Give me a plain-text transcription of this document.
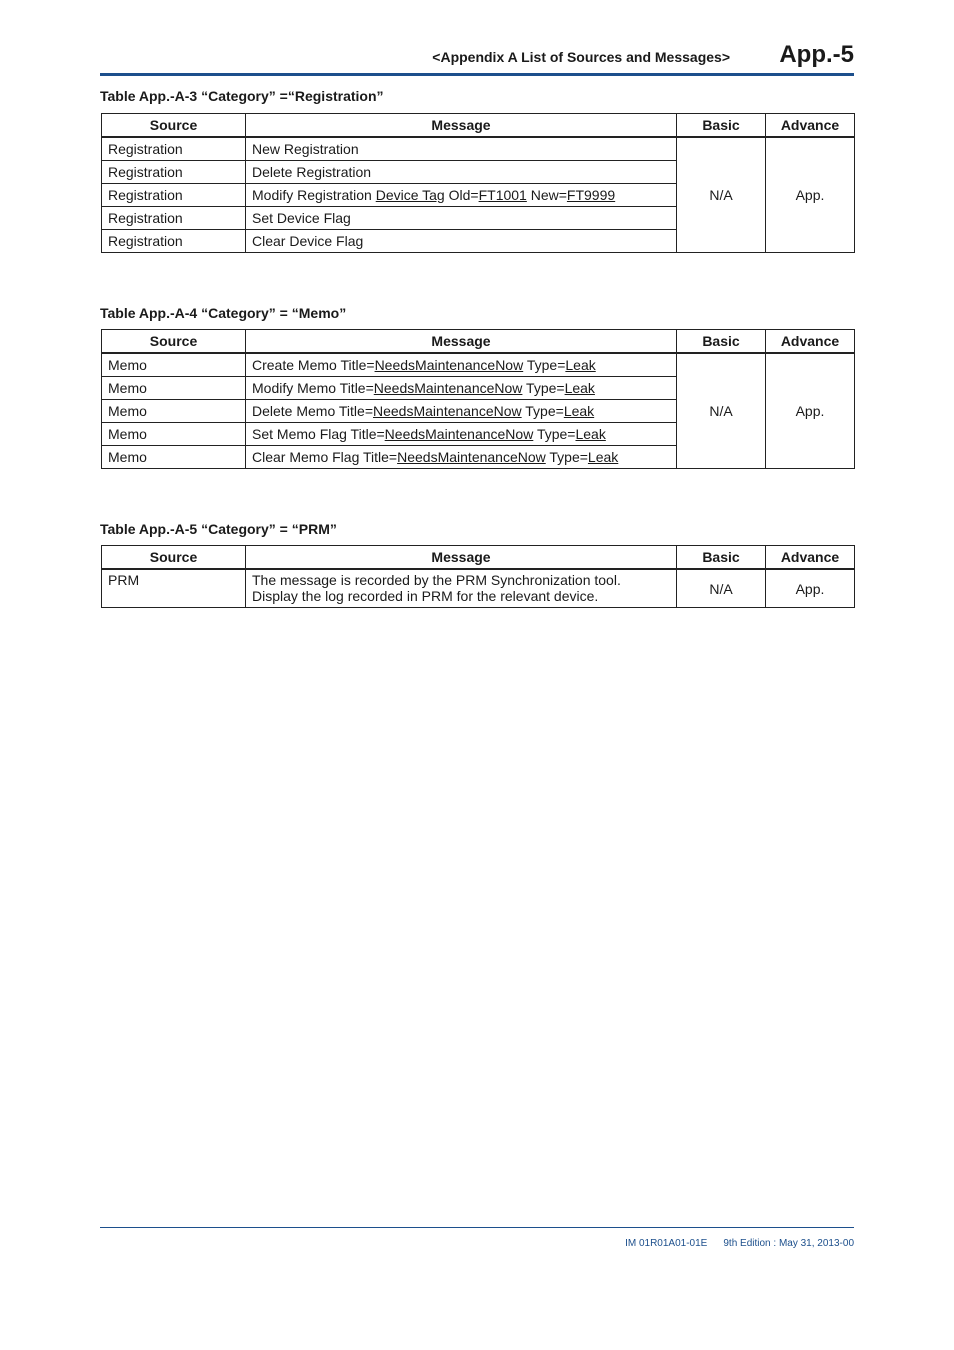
<Appendix A List of Sources and Messages> App.-5
Table App.-A-3 “Category” =“Registration”
Source	Message	Basic	Advance
Registration	New Registration	N/A	App.
Registration	Delete Registration		
Registration	Modify Registration Device Tag Old=FT1001 New=FT9999		
Registration	Set Device Flag		
Registration	Clear Device Flag		
Table App.-A-4 “Category” = “Memo”
Source	Message	Basic	Advance
Memo	Create Memo Title=NeedsMaintenanceNow Type=Leak	N/A	App.
Memo	Modify Memo Title=NeedsMaintenanceNow Type=Leak		
Memo	Delete Memo Title=NeedsMaintenanceNow Type=Leak		
Memo	Set Memo Flag Title=NeedsMaintenanceNow Type=Leak		
Memo	Clear Memo Flag Title=NeedsMaintenanceNow Type=Leak		
Table App.-A-5 “Category” = “PRM”
Source	Message	Basic	Advance
PRM	The message is recorded by the PRM Synchronization tool.
Display the log recorded in PRM for the relevant device.	N/A	App.
IM 01R01A01-01E 9th Edition : May 31, 2013-00
